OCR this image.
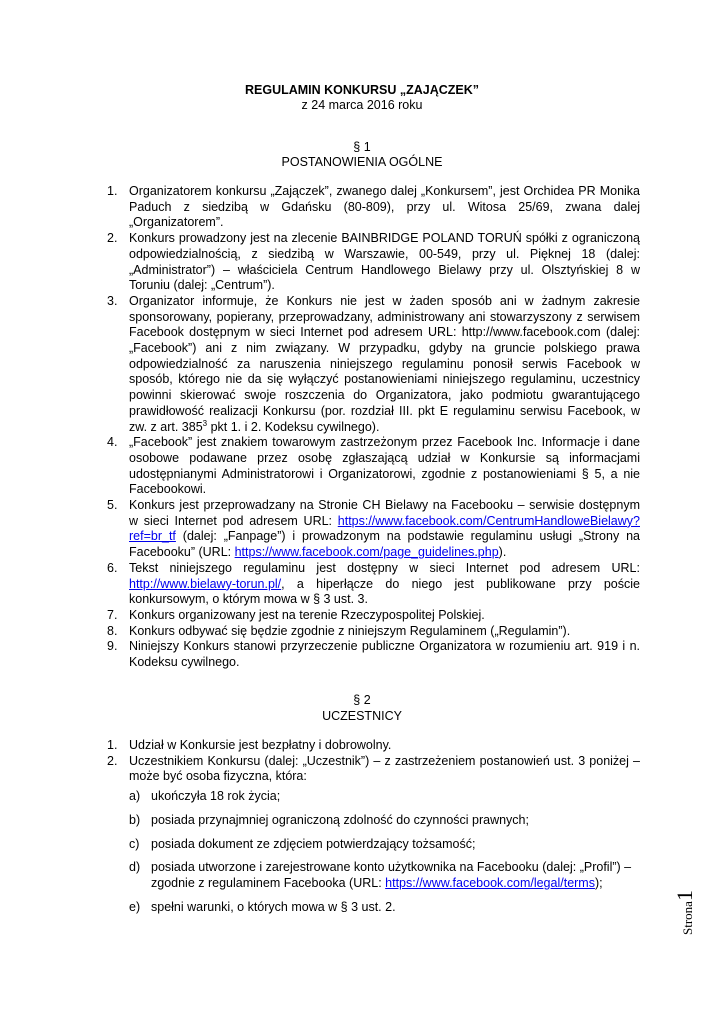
REGULAMIN KONKURSU „ZAJĄCZEK”
z 24 marca 2016 roku
§ 1
POSTANOWIENIA OGÓLNE
1. Organizatorem konkursu „Zajączek”, zwanego dalej „Konkursem”, jest Orchidea PR Monika Paduch z siedzibą w Gdańsku (80-809), przy ul. Witosa 25/69, zwana dalej „Organizatorem”.
2. Konkurs prowadzony jest na zlecenie BAINBRIDGE POLAND TORUŃ spółki z ograniczoną odpowiedzialnością, z siedzibą w Warszawie, 00-549, przy ul. Pięknej 18 (dalej: „Administrator”) – właściciela Centrum Handlowego Bielawy przy ul. Olsztyńskiej 8 w Toruniu (dalej: „Centrum”).
3. Organizator informuje, że Konkurs nie jest w żaden sposób ani w żadnym zakresie sponsorowany, popierany, przeprowadzany, administrowany ani stowarzyszony z serwisem Facebook dostępnym w sieci Internet pod adresem URL: http://www.facebook.com (dalej: „Facebook”) ani z nim związany. W przypadku, gdyby na gruncie polskiego prawa odpowiedzialność za naruszenia niniejszego regulaminu ponosił serwis Facebook w sposób, którego nie da się wyłączyć postanowieniami niniejszego regulaminu, uczestnicy powinni skierować swoje roszczenia do Organizatora, jako podmiotu gwarantującego prawidłowość realizacji Konkursu (por. rozdział III. pkt E regulaminu serwisu Facebook, w zw. z art. $385^3$ pkt 1. i 2. Kodeksu cywilnego).
4. „Facebook” jest znakiem towarowym zastrzeżonym przez Facebook Inc. Informacje i dane osobowe podawane przez osobę zgłaszającą udział w Konkursie są informacjami udostępnianymi Administratorowi i Organizatorowi, zgodnie z postanowieniami § 5, a nie Facebookowi.
5. Konkurs jest przeprowadzany na Stronie CH Bielawy na Facebooku – serwisie dostępnym w sieci Internet pod adresem URL: https://www.facebook.com/CentrumHandloweBielawy?ref=br_tf (dalej: „Fanpage”) i prowadzonym na podstawie regulaminu usługi „Strony na Facebooku” (URL: https://www.facebook.com/page_guidelines.php).
6. Tekst niniejszego regulaminu jest dostępny w sieci Internet pod adresem URL: http://www.bielawy-torun.pl/, a hiperłącze do niego jest publikowane przy poście konkursowym, o którym mowa w § 3 ust. 3.
7. Konkurs organizowany jest na terenie Rzeczypospolitej Polskiej.
8. Konkurs odbywać się będzie zgodnie z niniejszym Regulaminem („Regulamin”).
9. Niniejszy Konkurs stanowi przyrzeczenie publiczne Organizatora w rozumieniu art. 919 i n. Kodeksu cywilnego.
§ 2
UCZESTNICY
1. Udział w Konkursie jest bezpłatny i dobrowolny.
2. Uczestnikiem Konkursu (dalej: „Uczestnik”) – z zastrzeżeniem postanowień ust. 3 poniżej – może być osoba fizyczna, która:
a) ukończyła 18 rok życia;
b) posiada przynajmniej ograniczoną zdolność do czynności prawnych;
c) posiada dokument ze zdjęciem potwierdzający tożsamość;
d) posiada utworzone i zarejestrowane konto użytkownika na Facebooku (dalej: „Profil”) – zgodnie z regulaminem Facebooka (URL: https://www.facebook.com/legal/terms);
e) spełni warunki, o których mowa w § 3 ust. 2.	Strona1
